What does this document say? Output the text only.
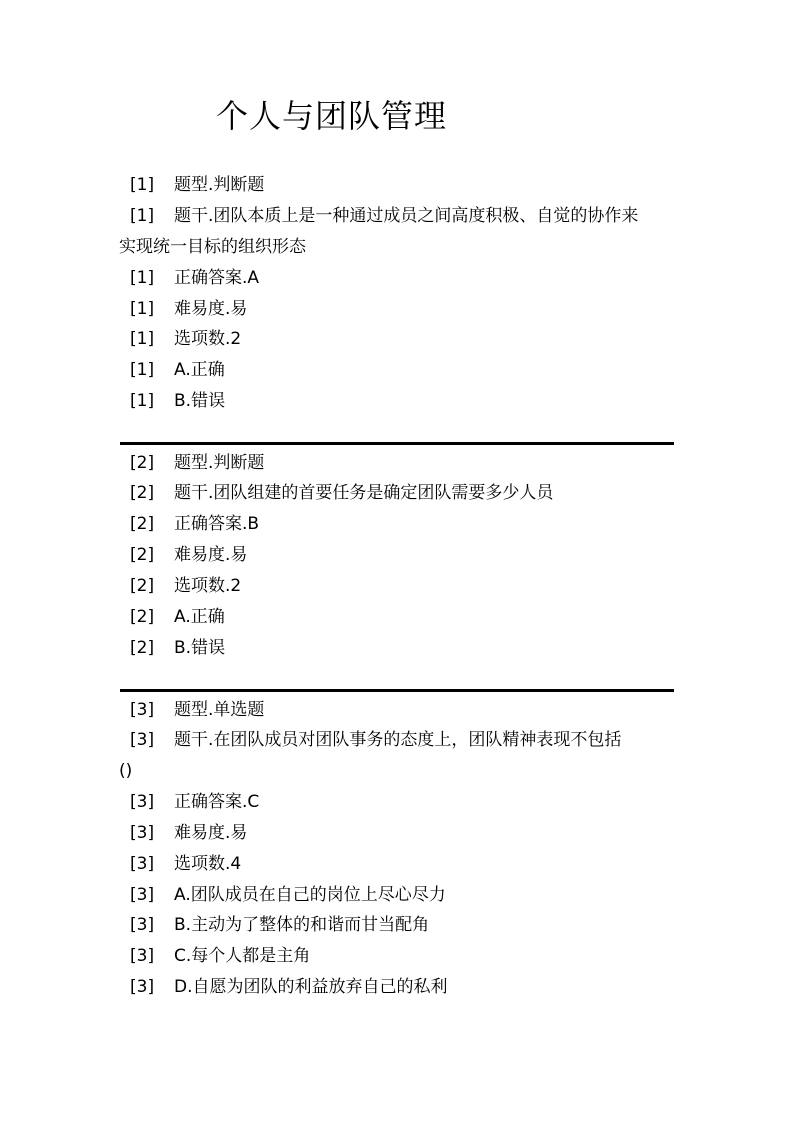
个人与团队管理
[1] 题型.判断题
[1] 题干.团队本质上是一种通过成员之间高度积极、自觉的协作来
实现统一目标的组织形态
[1] 正确答案.A
[1] 难易度.易
[1] 选项数.2
[1] A.正确
[1] B.错误
[2] 题型.判断题
[2] 题干.团队组建的首要任务是确定团队需要多少人员
[2] 正确答案.B
[2] 难易度.易
[2] 选项数.2
[2] A.正确
[2] B.错误
[3] 题型.单选题
[3] 题干.在团队成员对团队事务的态度上，团队精神表现不包括
()
[3] 正确答案.C
[3] 难易度.易
[3] 选项数.4
[3] A.团队成员在自己的岗位上尽心尽力
[3] B.主动为了整体的和谐而甘当配角
[3] C.每个人都是主角
[3] D.自愿为团队的利益放弃自己的私利
